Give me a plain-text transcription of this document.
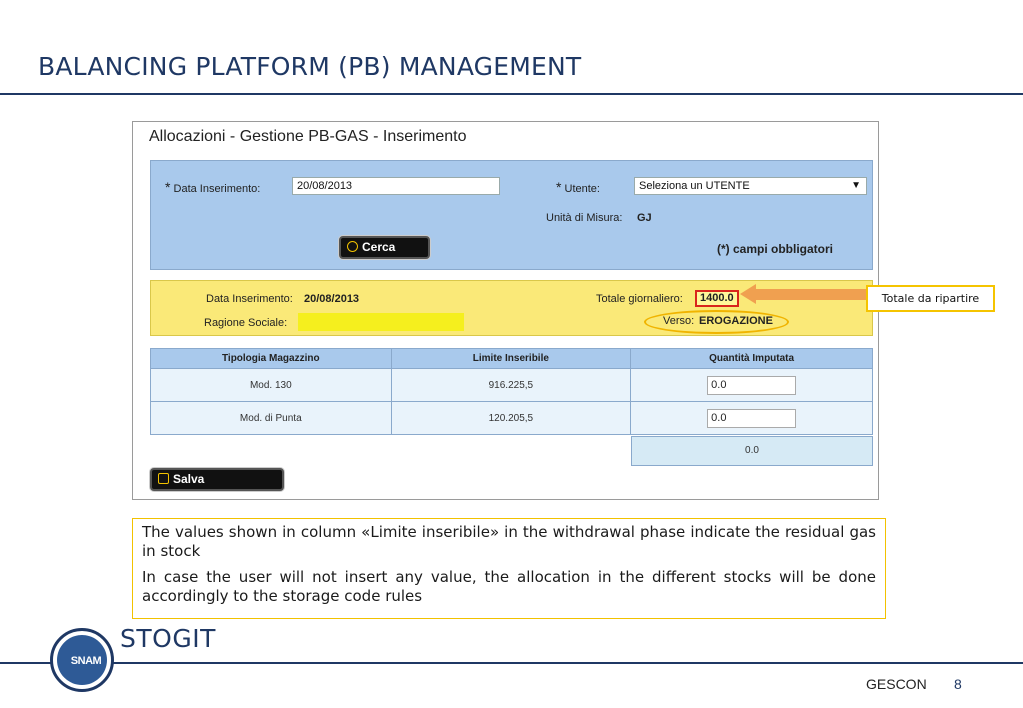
BALANCING PLATFORM (PB) MANAGEMENT
Allocazioni - Gestione PB-GAS - Inserimento
* Data Inserimento:	20/08/2013	* Utente:	Seleziona un UTENTE	▼
Unità di Misura: GJ
Cerca	(*) campi obbligatori
Data Inserimento: 20/08/2013
Ragione Sociale:
Totale giornaliero:	1400.0
Verso: EROGAZIONE
Tipologia Magazzino	Limite Inseribile	Quantità Imputata
Mod. 130	916.225,5	0.0
Mod. di Punta	120.205,5	0.0
0.0
Salva
Totale da ripartire

The values shown in column «Limite inseribile» in the withdrawal phase indicate the residual gas in stock

In case the user will not insert any value, the allocation in the different stocks will be done accordingly to the storage code rules

SNAM
STOGIT
GESCON 8
